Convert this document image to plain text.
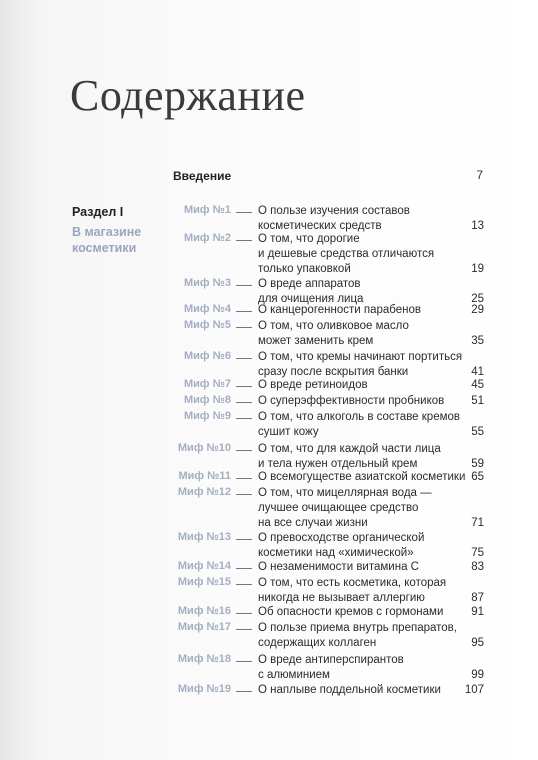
Содержание
Введение	7
Раздел I
В магазине косметики
Миф №1 О пользе изучения составов
косметических средств	13
Миф №2 О том, что дорогие
и дешевые средства отличаются
только упаковкой	19
Миф №3 О вреде аппаратов
для очищения лица	25
Миф №4 О канцерогенности парабенов	29
Миф №5 О том, что оливковое масло
может заменить крем	35
Миф №6 О том, что кремы начинают портиться
сразу после вскрытия банки	41
Миф №7 О вреде ретиноидов	45
Миф №8 О суперэффективности пробников	51
Миф №9 О том, что алкоголь в составе кремов
сушит кожу	55
Миф №10 О том, что для каждой части лица
и тела нужен отдельный крем	59
Миф №11 О всемогуществе азиатской косметики 65
Миф №12 О том, что мицеллярная вода —
лучшее очищающее средство
на все случаи жизни	71
Миф №13 О превосходстве органической
косметики над «химической»	75
Миф №14 О незаменимости витамина С	83
Миф №15 О том, что есть косметика, которая
никогда не вызывает аллергию	87
Миф №16 Об опасности кремов с гормонами	91
Миф №17 О пользе приема внутрь препаратов,
содержащих коллаген	95
Миф №18 О вреде антиперспирантов
с алюминием	99
Миф №19 О наплыве поддельной косметики	107
